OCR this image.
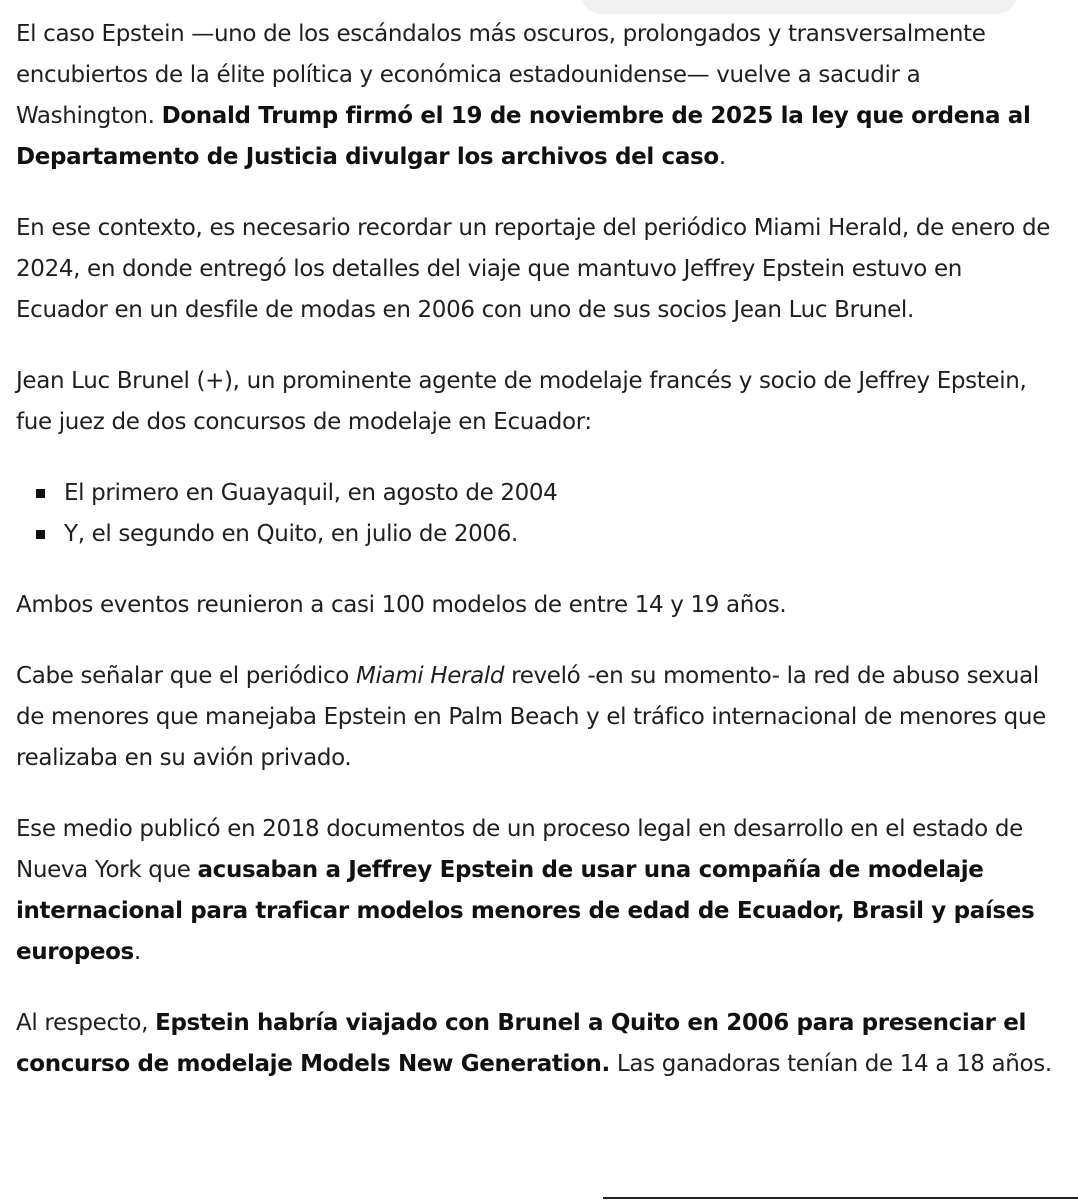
El caso Epstein —uno de los escándalos más oscuros, prolongados y transversalmente encubiertos de la élite política y económica estadounidense— vuelve a sacudir a Washington. Donald Trump firmó el 19 de noviembre de 2025 la ley que ordena al Departamento de Justicia divulgar los archivos del caso.

En ese contexto, es necesario recordar un reportaje del periódico Miami Herald, de enero de 2024, en donde entregó los detalles del viaje que mantuvo Jeffrey Epstein estuvo en Ecuador en un desfile de modas en 2006 con uno de sus socios Jean Luc Brunel.

Jean Luc Brunel (+), un prominente agente de modelaje francés y socio de Jeffrey Epstein, fue juez de dos concursos de modelaje en Ecuador:

El primero en Guayaquil, en agosto de 2004
Y, el segundo en Quito, en julio de 2006.

Ambos eventos reunieron a casi 100 modelos de entre 14 y 19 años.

Cabe señalar que el periódico Miami Herald reveló -en su momento- la red de abuso sexual de menores que manejaba Epstein en Palm Beach y el tráfico internacional de menores que realizaba en su avión privado.

Ese medio publicó en 2018 documentos de un proceso legal en desarrollo en el estado de Nueva York que acusaban a Jeffrey Epstein de usar una compañía de modelaje internacional para traficar modelos menores de edad de Ecuador, Brasil y países europeos.

Al respecto, Epstein habría viajado con Brunel a Quito en 2006 para presenciar el concurso de modelaje Models New Generation. Las ganadoras tenían de 14 a 18 años.
